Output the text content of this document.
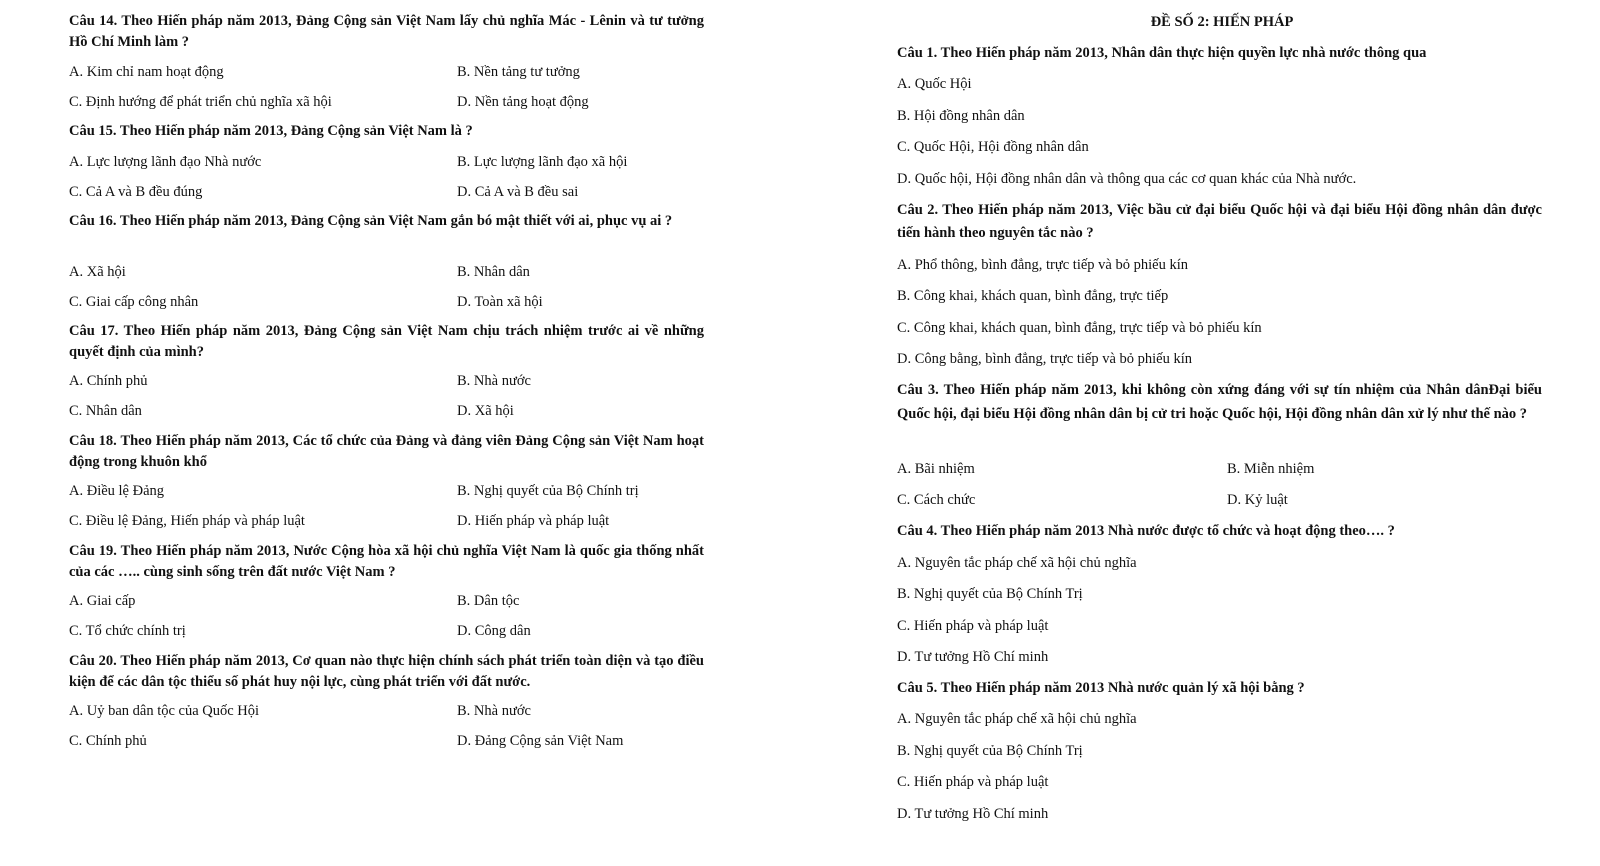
Câu 14. Theo Hiến pháp năm 2013, Đảng Cộng sản Việt Nam lấy chủ nghĩa Mác - Lênin và tư tưởng Hồ Chí Minh làm ?
A. Kim chỉ nam hoạt động	B. Nền tảng tư tưởng
C. Định hướng để phát triển chủ nghĩa xã hội	D. Nền tảng hoạt động
Câu 15. Theo Hiến pháp năm 2013, Đảng Cộng sản Việt Nam là ?
A. Lực lượng lãnh đạo Nhà nước	B. Lực lượng lãnh đạo xã hội
C. Cả A và B đều đúng	D. Cả A và B đều sai
Câu 16. Theo Hiến pháp năm 2013, Đảng Cộng sản Việt Nam gắn bó mật thiết với ai, phục vụ ai ?
A. Xã hội	B. Nhân dân
C. Giai cấp công nhân	D. Toàn xã hội
Câu 17. Theo Hiến pháp năm 2013, Đảng Cộng sản Việt Nam chịu trách nhiệm trước ai về những quyết định của mình?
A. Chính phủ	B. Nhà nước
C. Nhân dân	D. Xã hội
Câu 18. Theo Hiến pháp năm 2013, Các tổ chức của Đảng và đảng viên Đảng Cộng sản Việt Nam hoạt động trong khuôn khổ
A. Điều lệ Đảng	B. Nghị quyết của Bộ Chính trị
C. Điều lệ Đảng, Hiến pháp và pháp luật	D. Hiến pháp và pháp luật
Câu 19. Theo Hiến pháp năm 2013, Nước Cộng hòa xã hội chủ nghĩa Việt Nam là quốc gia thống nhất của các ….. cùng sinh sống trên đất nước Việt Nam ?
A. Giai cấp	B. Dân tộc
C. Tổ chức chính trị	D. Công dân
Câu 20. Theo Hiến pháp năm 2013, Cơ quan nào thực hiện chính sách phát triển toàn diện và tạo điều kiện để các dân tộc thiểu số phát huy nội lực, cùng phát triển với đất nước.
A. Uỷ ban dân tộc của Quốc Hội	B. Nhà nước
C. Chính phủ	D. Đảng Cộng sản Việt Nam
ĐỀ SỐ 2: HIẾN PHÁP
Câu 1. Theo Hiến pháp năm 2013, Nhân dân thực hiện quyền lực nhà nước thông qua
A. Quốc Hội
B. Hội đồng nhân dân
C. Quốc Hội, Hội đồng nhân dân
D. Quốc hội, Hội đồng nhân dân và thông qua các cơ quan khác của Nhà nước.
Câu 2. Theo Hiến pháp năm 2013, Việc bầu cử đại biểu Quốc hội và đại biểu Hội đồng nhân dân được tiến hành theo nguyên tắc nào ?
A. Phổ thông, bình đẳng, trực tiếp và bỏ phiếu kín
B. Công khai, khách quan, bình đẳng, trực tiếp
C. Công khai, khách quan, bình đẳng, trực tiếp và bỏ phiếu kín
D. Công bằng, bình đẳng, trực tiếp và bỏ phiếu kín
Câu 3. Theo Hiến pháp năm 2013, khi không còn xứng đáng với sự tín nhiệm của Nhân dânĐại biểu Quốc hội, đại biểu Hội đồng nhân dân bị cử tri hoặc Quốc hội, Hội đồng nhân dân xử lý như thế nào ?
A. Bãi nhiệm	B. Miễn nhiệm
C. Cách chức	D. Kỷ luật
Câu 4. Theo Hiến pháp năm 2013 Nhà nước được tổ chức và hoạt động theo…. ?
A. Nguyên tắc pháp chế xã hội chủ nghĩa
B. Nghị quyết của Bộ Chính Trị
C. Hiến pháp và pháp luật
D. Tư tưởng Hồ Chí minh
Câu 5. Theo Hiến pháp năm 2013 Nhà nước quản lý xã hội bằng ?
A. Nguyên tắc pháp chế xã hội chủ nghĩa
B. Nghị quyết của Bộ Chính Trị
C. Hiến pháp và pháp luật
D. Tư tưởng Hồ Chí minh
